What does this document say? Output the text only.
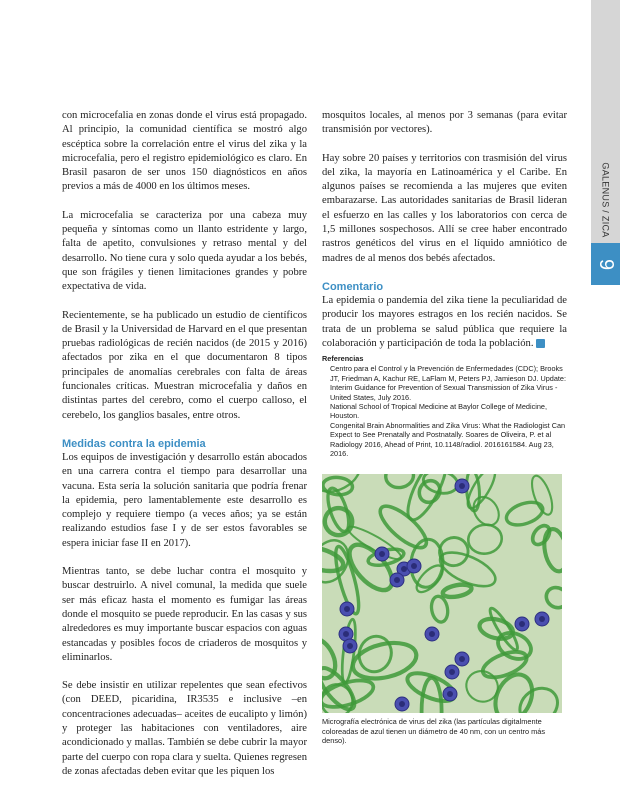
GALENUS / ZICA
9

con microcefalia en zonas donde el virus está propagado. Al principio, la comunidad científica se mostró algo escéptica sobre la correlación entre el virus del zika y la microcefalia, pero el registro epidemiológico es claro. En Brasil pasaron de ser unos 150 diagnósticos en años previos a más de 4000 en los últimos meses.

La microcefalia se caracteriza por una cabeza muy pequeña y síntomas como un llanto estridente y largo, falta de apetito, convulsiones y retraso mental y del desarrollo. No tiene cura y solo queda ayudar a los bebés, que son frágiles y tienen limitaciones grandes y pobre expectativa de vida.

Recientemente, se ha publicado un estudio de científicos de Brasil y la Universidad de Harvard en el que presentan pruebas radiológicas de recién nacidos (de 2015 y 2016) afectados por zika en el que documentaron 8 tipos principales de anomalías cerebrales con falta de áreas funcionales críticas. Muestran microcefalia y daños en distintas partes del cerebro, como el cuerpo calloso, el cerebelo, los ganglios basales, entre otros.

Medidas contra la epidemia

Los equipos de investigación y desarrollo están abocados en una carrera contra el tiempo para desarrollar una vacuna. Esta sería la solución sanitaria que podría frenar la epidemia, pero lamentablemente este desarrollo es complejo y requiere tiempo (a veces años; ya se están realizando estudios fase I y de ser estos favorables se espera iniciar fase II en 2017).

Mientras tanto, se debe luchar contra el mosquito y buscar destruirlo. A nivel comunal, la medida que suele ser más eficaz hasta el momento es fumigar las áreas donde el mosquito se puede reproducir. En las casas y sus alrededores es muy importante buscar espacios con aguas estancadas y posibles focos de criaderos de mosquitos y eliminarlos.

Se debe insistir en utilizar repelentes que sean efectivos (con DEED, picaridina, IR3535 e inclusive –en concentraciones adecuadas– aceites de eucalipto y limón) y proteger las habitaciones con ventiladores, aire acondicionado y mallas. También se debe cubrir la mayor parte del cuerpo con ropa clara y suelta. Quienes regresen de zonas afectadas deben evitar que les piquen los

mosquitos locales, al menos por 3 semanas (para evitar transmisión por vectores).

Hay sobre 20 países y territorios con trasmisión del virus del zika, la mayoría en Latinoamérica y el Caribe. En algunos países se recomienda a las mujeres que eviten embarazarse. Las autoridades sanitarias de Brasil lideran el esfuerzo en las calles y los laboratorios con cerca de 1,5 millones sospechosos. Allí se cree haber encontrado rastros genéticos del virus en el líquido amniótico de madres de al menos dos bebés afectados.

Comentario

La epidemia o pandemia del zika tiene la peculiaridad de producir los mayores estragos en los recién nacidos. Se trata de un problema se salud pública que requiere la colaboración y participación de toda la población.

Referencias
Centro para el Control y la Prevención de Enfermedades (CDC); Brooks JT, Friedman A, Kachur RE, LaFlam M, Peters PJ, Jamieson DJ. Update: Interim Guidance for Prevention of Sexual Transmission of Zika Virus - United States, July 2016.
National School of Tropical Medicine at Baylor College of Medicine, Houston.
Congenital Brain Abnormalities and Zika Virus: What the Radiologist Can Expect to See Prenatally and Postnatally. Soares de Oliveira, P. et al Radiology 2016, Ahead of Print, 10.1148/radiol. 2016161584. Aug 23, 2016.
Micrografía electrónica de virus del zika (las partículas digitalmente coloreadas de azul tienen un diámetro de 40 nm, con un centro más denso).
